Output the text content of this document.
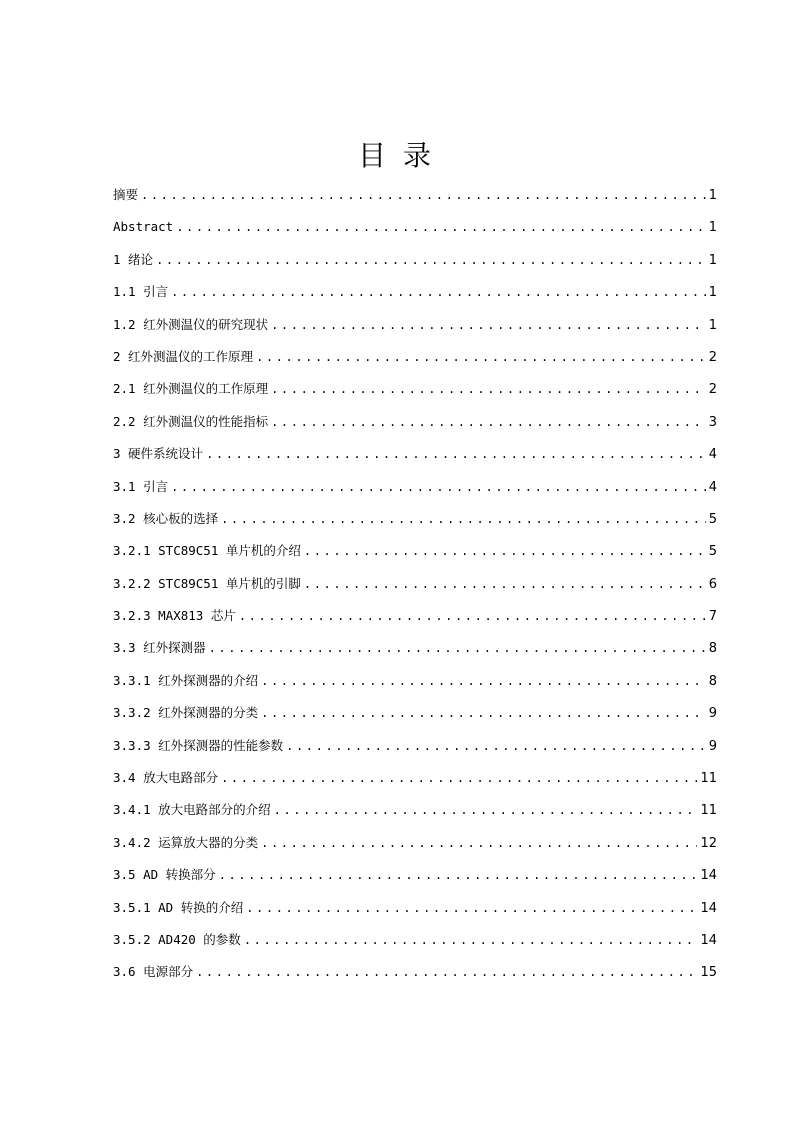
目 录
摘要 .....	1
Abstract .....	1
1 绪论 .....	1
1.1 引言 .....	1
1.2 红外测温仪的研究现状 .....	1
2 红外测温仪的工作原理 .....	2
2.1 红外测温仪的工作原理 .....	2
2.2 红外测温仪的性能指标 .....	3
3 硬件系统设计 .....	4
3.1 引言 .....	4
3.2 核心板的选择 .....	5
3.2.1 STC89C51 单片机的介绍 .....	5
3.2.2 STC89C51 单片机的引脚 .....	6
3.2.3 MAX813 芯片 .....	7
3.3 红外探测器 .....	8
3.3.1 红外探测器的介绍 .....	8
3.3.2 红外探测器的分类 .....	9
3.3.3 红外探测器的性能参数 .....	9
3.4 放大电路部分 .....	11
3.4.1 放大电路部分的介绍 .....	11
3.4.2 运算放大器的分类 .....	12
3.5 AD 转换部分 .....	14
3.5.1 AD 转换的介绍 .....	14
3.5.2 AD420 的参数 .....	14
3.6 电源部分 .....	15
